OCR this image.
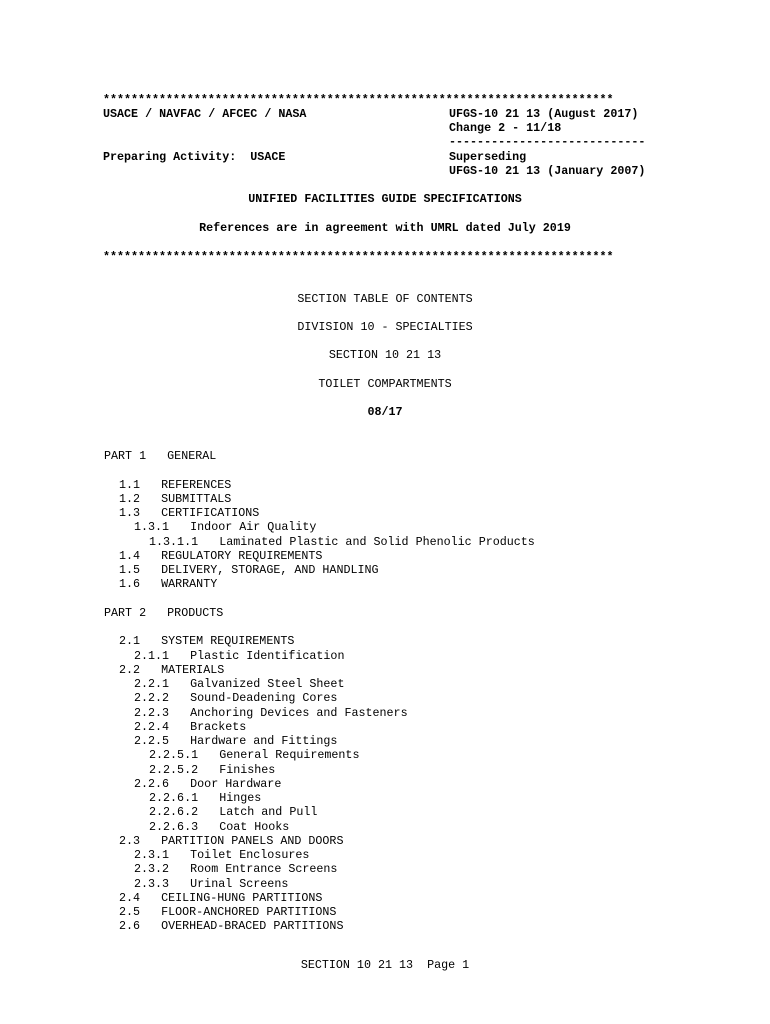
*************************************************************************
USACE / NAVFAC / AFCEC / NASA	UFGS-10 21 13 (August 2017)
Change 2 - 11/18
----------------------------
Preparing Activity:  USACE	Superseding
UFGS-10 21 13 (January 2007)
UNIFIED FACILITIES GUIDE SPECIFICATIONS
References are in agreement with UMRL dated July 2019
*************************************************************************
SECTION TABLE OF CONTENTS
DIVISION 10 - SPECIALTIES
SECTION 10 21 13
TOILET COMPARTMENTS
08/17
PART 1 GENERAL
1.1 REFERENCES
1.2 SUBMITTALS
1.3 CERTIFICATIONS
1.3.1 Indoor Air Quality
1.3.1.1 Laminated Plastic and Solid Phenolic Products
1.4 REGULATORY REQUIREMENTS
1.5 DELIVERY, STORAGE, AND HANDLING
1.6 WARRANTY
PART 2 PRODUCTS
2.1 SYSTEM REQUIREMENTS
2.1.1 Plastic Identification
2.2 MATERIALS
2.2.1 Galvanized Steel Sheet
2.2.2 Sound-Deadening Cores
2.2.3 Anchoring Devices and Fasteners
2.2.4 Brackets
2.2.5 Hardware and Fittings
2.2.5.1 General Requirements
2.2.5.2 Finishes
2.2.6 Door Hardware
2.2.6.1 Hinges
2.2.6.2 Latch and Pull
2.2.6.3 Coat Hooks
2.3 PARTITION PANELS AND DOORS
2.3.1 Toilet Enclosures
2.3.2 Room Entrance Screens
2.3.3 Urinal Screens
2.4 CEILING-HUNG PARTITIONS
2.5 FLOOR-ANCHORED PARTITIONS
2.6 OVERHEAD-BRACED PARTITIONS
SECTION 10 21 13  Page 1
